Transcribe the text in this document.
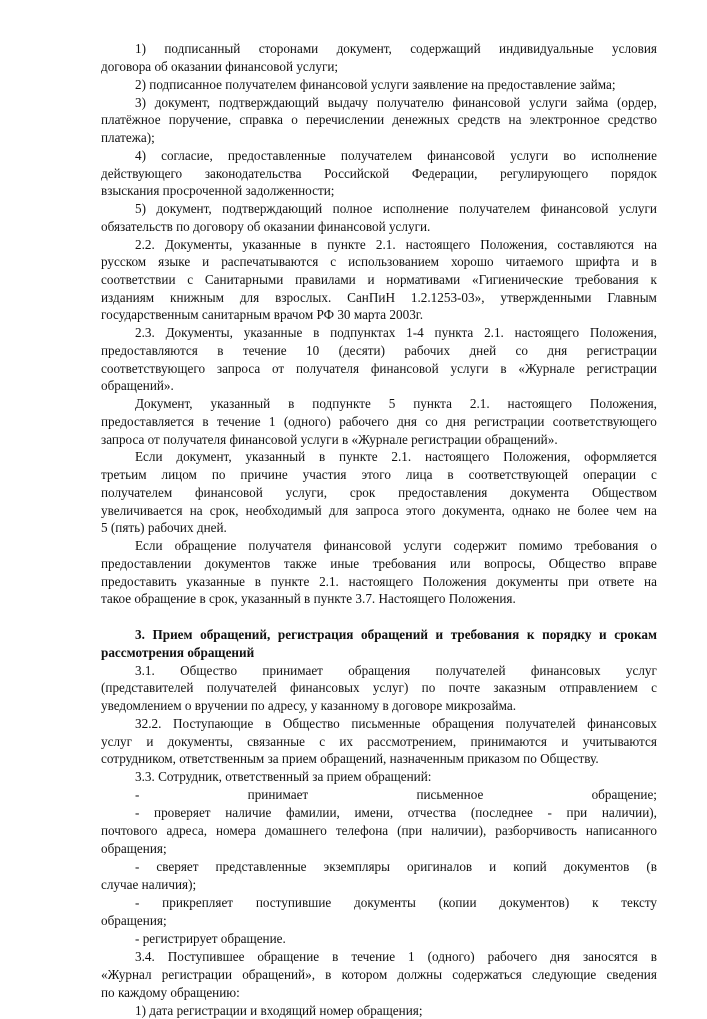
1) подписанный сторонами документ, содержащий индивидуальные условия
договора об оказании финансовой услуги;
2) подписанное получателем финансовой услуги заявление на предоставление займа;
3) документ, подтверждающий выдачу получателю финансовой услуги займа (ордер,
платёжное поручение, справка о перечислении денежных средств на электронное средство
платежа);
4) согласие, предоставленные получателем финансовой услуги во исполнение
действующего законодательства Российской Федерации, регулирующего порядок
взыскания просроченной задолженности;
5) документ, подтверждающий полное исполнение получателем финансовой услуги
обязательств по договору об оказании финансовой услуги.
2.2. Документы, указанные в пункте 2.1. настоящего Положения, составляются на
русском языке и распечатываются с использованием хорошо читаемого шрифта и в
соответствии с Санитарными правилами и нормативами «Гигиенические требования к
изданиям книжным для взрослых. СанПиН 1.2.1253-03», утвержденными Главным
государственным санитарным врачом РФ 30 марта 2003г.
2.3. Документы, указанные в подпунктах 1-4 пункта 2.1. настоящего Положения,
предоставляются в течение 10 (десяти) рабочих дней со дня регистрации
соответствующего запроса от получателя финансовой услуги в «Журнале регистрации
обращений».
Документ, указанный в подпункте 5 пункта 2.1. настоящего Положения,
предоставляется в течение 1 (одного) рабочего дня со дня регистрации соответствующего
запроса от получателя финансовой услуги в «Журнале регистрации обращений».
Если документ, указанный в пункте 2.1. настоящего Положения, оформляется
третьим лицом по причине участия этого лица в соответствующей операции с
получателем финансовой услуги, срок предоставления документа Обществом
увеличивается на срок, необходимый для запроса этого документа, однако не более чем на
5 (пять) рабочих дней.
Если обращение получателя финансовой услуги содержит помимо требования о
предоставлении документов также иные требования или вопросы, Общество вправе
предоставить указанные в пункте 2.1. настоящего Положения документы при ответе на
такое обращение в срок, указанный в пункте 3.7. Настоящего Положения.
3. Прием обращений, регистрация обращений и требования к порядку и срокам
рассмотрения обращений
3.1. Общество принимает обращения получателей финансовых услуг
(представителей получателей финансовых услуг) по почте заказным отправлением с
уведомлением о вручении по адресу, у казанному в договоре микрозайма.
32.2. Поступающие в Общество письменные обращения получателей финансовых
услуг и документы, связанные с их рассмотрением, принимаются и учитываются
сотрудником, ответственным за прием обращений, назначенным приказом по Обществу.
3.3. Сотрудник, ответственный за прием обращений:
-	принимает	письменное	обращение;
- проверяет наличие фамилии, имени, отчества (последнее - при наличии),
почтового адреса, номера домашнего телефона (при наличии), разборчивость написанного
обращения;
- сверяет представленные экземпляры оригиналов и копий документов (в
случае наличия);
- прикрепляет поступившие документы (копии документов) к тексту
обращения;
- регистрирует обращение.
3.4. Поступившее обращение в течение 1 (одного) рабочего дня заносятся в
«Журнал регистрации обращений», в котором должны содержаться следующие сведения
по каждому обращению:
1) дата регистрации и входящий номер обращения;
